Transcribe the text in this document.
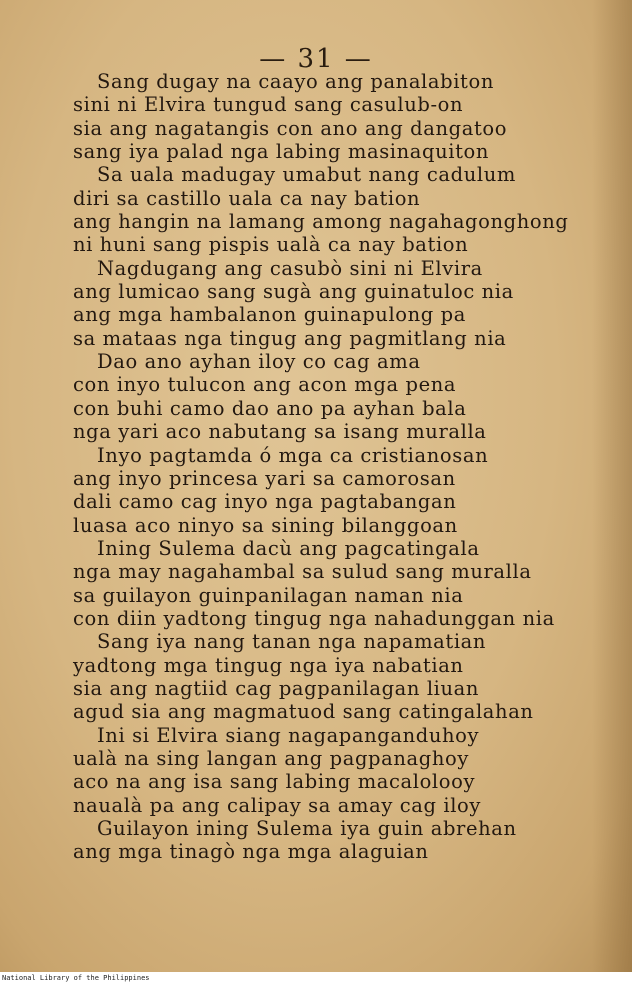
— 31 —
Sang dugay na caayo ang panalabiton
sini ni Elvira tungud sang casulub-on
sia ang nagatangis con ano ang dangatoo
sang iya palad nga labing masinaquiton
Sa uala madugay umabut nang cadulum
diri sa castillo uala ca nay bation
ang hangin na lamang among nagahagonghong
ni huni sang pispis ualà ca nay bation
Nagdugang ang casubò sini ni Elvira
ang lumicao sang sugà ang guinatuloc nia
ang mga hambalanon guinapulong pa
sa mataas nga tingug ang pagmitlang nia
Dao ano ayhan iloy co cag ama
con inyo tulucon ang acon mga pena
con buhi camo dao ano pa ayhan bala
nga yari aco nabutang sa isang muralla
Inyo pagtamda ó mga ca cristianosan
ang inyo princesa yari sa camorosan
dali camo cag inyo nga pagtabangan
luasa aco ninyo sa sining bilanggoan
Ining Sulema dacù ang pagcatingala
nga may nagahambal sa sulud sang muralla
sa guilayon guinpanilagan naman nia
con diin yadtong tingug nga nahadunggan nia
Sang iya nang tanan nga napamatian
yadtong mga tingug nga iya nabatian
sia ang nagtiid cag pagpanilagan liuan
agud sia ang magmatuod sang catingalahan
Ini si Elvira siang nagapanganduhoy
ualà na sing langan ang pagpanaghoy
aco na ang isa sang labing macalolooy
naualà pa ang calipay sa amay cag iloy
Guilayon ining Sulema iya guin abrehan
ang mga tinagò nga mga alaguian
National Library of the Philippines
